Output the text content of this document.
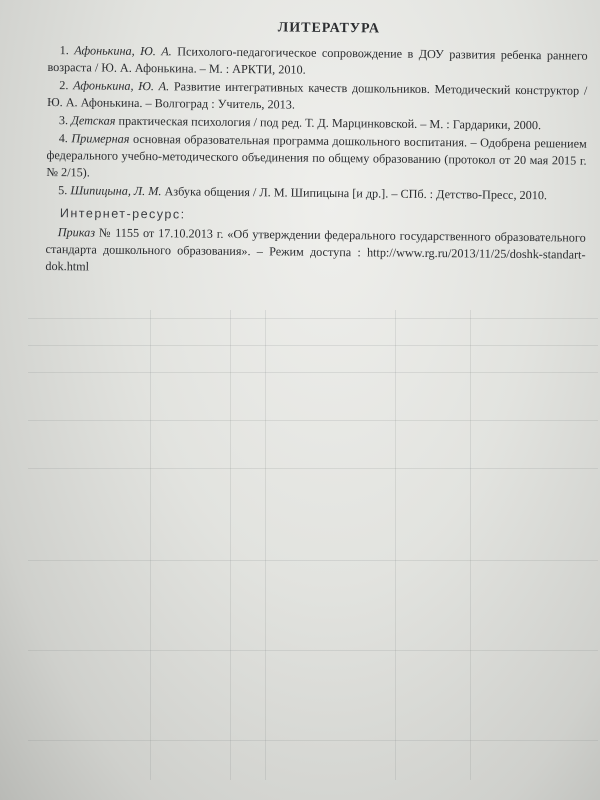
ЛИТЕРАТУРА

1. Афонькина, Ю. А. Психолого-педагогическое сопровождение в ДОУ развития ребенка раннего возраста / Ю. А. Афонькина. – М. : АРКТИ, 2010.

2. Афонькина, Ю. А. Развитие интегративных качеств дошкольников. Методический конструктор / Ю. А. Афонькина. – Волгоград : Учитель, 2013.

3. Детская практическая психология / под ред. Т. Д. Марцинковской. – М. : Гардарики, 2000.

4. Примерная основная образовательная программа дошкольного воспитания. – Одобрена решением федерального учебно-методического объединения по общему образованию (протокол от 20 мая 2015 г. № 2/15).

5. Шипицына, Л. М. Азбука общения / Л. М. Шипицына [и др.]. – СПб. : Детство-Пресс, 2010.

Интернет-ресурс:

Приказ № 1155 от 17.10.2013 г. «Об утверждении федерального государственного образовательного стандарта дошкольного образования». – Режим доступа : http://www.rg.ru/2013/11/25/doshk-standart-dok.html
